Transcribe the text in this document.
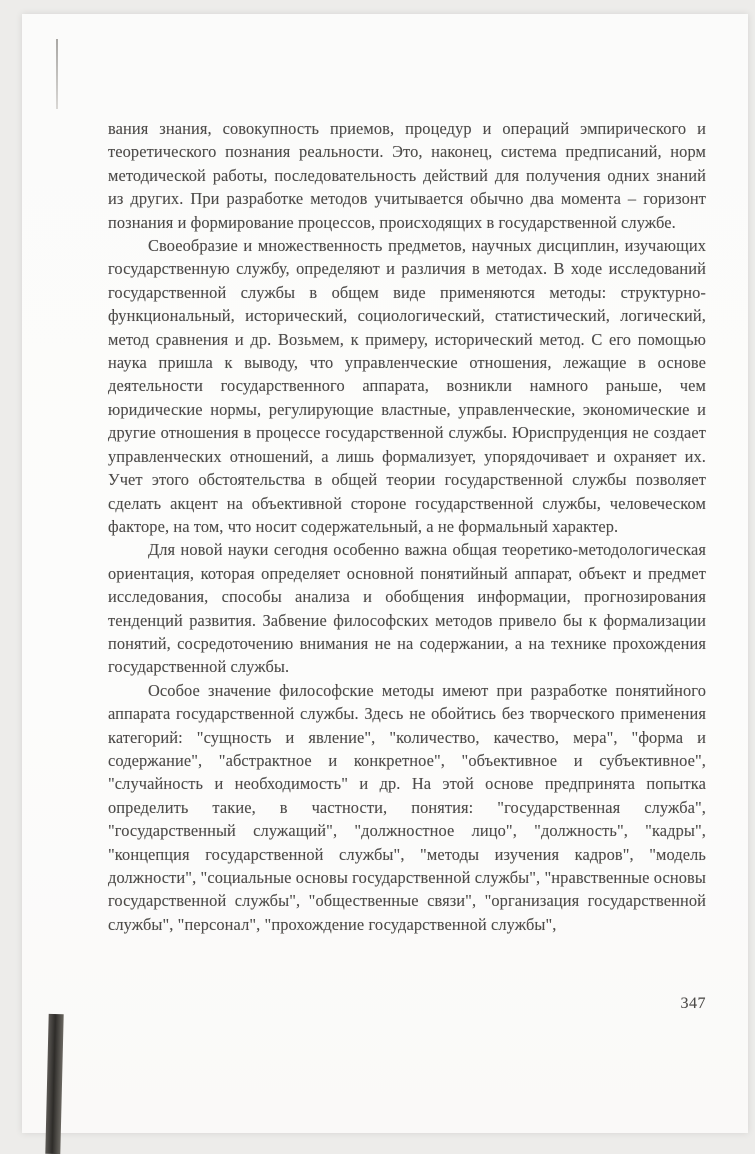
вания знания, совокупность приемов, процедур и операций эмпирического и теоретического познания реальности. Это, наконец, система предписаний, норм методической работы, последовательность действий для получения одних знаний из других. При разработке методов учитывается обычно два момента – горизонт познания и формирование процессов, происходящих в государственной службе.

Своеобразие и множественность предметов, научных дисциплин, изучающих государственную службу, определяют и различия в методах. В ходе исследований государственной службы в общем виде применяются методы: структурно-функциональный, исторический, социологический, статистический, логический, метод сравнения и др. Возьмем, к примеру, исторический метод. С его помощью наука пришла к выводу, что управленческие отношения, лежащие в основе деятельности государственного аппарата, возникли намного раньше, чем юридические нормы, регулирующие властные, управленческие, экономические и другие отношения в процессе государственной службы. Юриспруденция не создает управленческих отношений, а лишь формализует, упорядочивает и охраняет их. Учет этого обстоятельства в общей теории государственной службы позволяет сделать акцент на объективной стороне государственной службы, человеческом факторе, на том, что носит содержательный, а не формальный характер.

Для новой науки сегодня особенно важна общая теоретико-методологическая ориентация, которая определяет основной понятийный аппарат, объект и предмет исследования, способы анализа и обобщения информации, прогнозирования тенденций развития. Забвение философских методов привело бы к формализации понятий, сосредоточению внимания не на содержании, а на технике прохождения государственной службы.

Особое значение философские методы имеют при разработке понятийного аппарата государственной службы. Здесь не обойтись без творческого применения категорий: "сущность и явление", "количество, качество, мера", "форма и содержание", "абстрактное и конкретное", "объективное и субъективное", "случайность и необходимость" и др. На этой основе предпринята попытка определить такие, в частности, понятия: "государственная служба", "государственный служащий", "должностное лицо", "должность", "кадры", "концепция государственной службы", "методы изучения кадров", "модель должности", "социальные основы государственной службы", "нравственные основы государственной службы", "общественные связи", "организация государственной службы", "персонал", "прохождение государственной службы",

347
